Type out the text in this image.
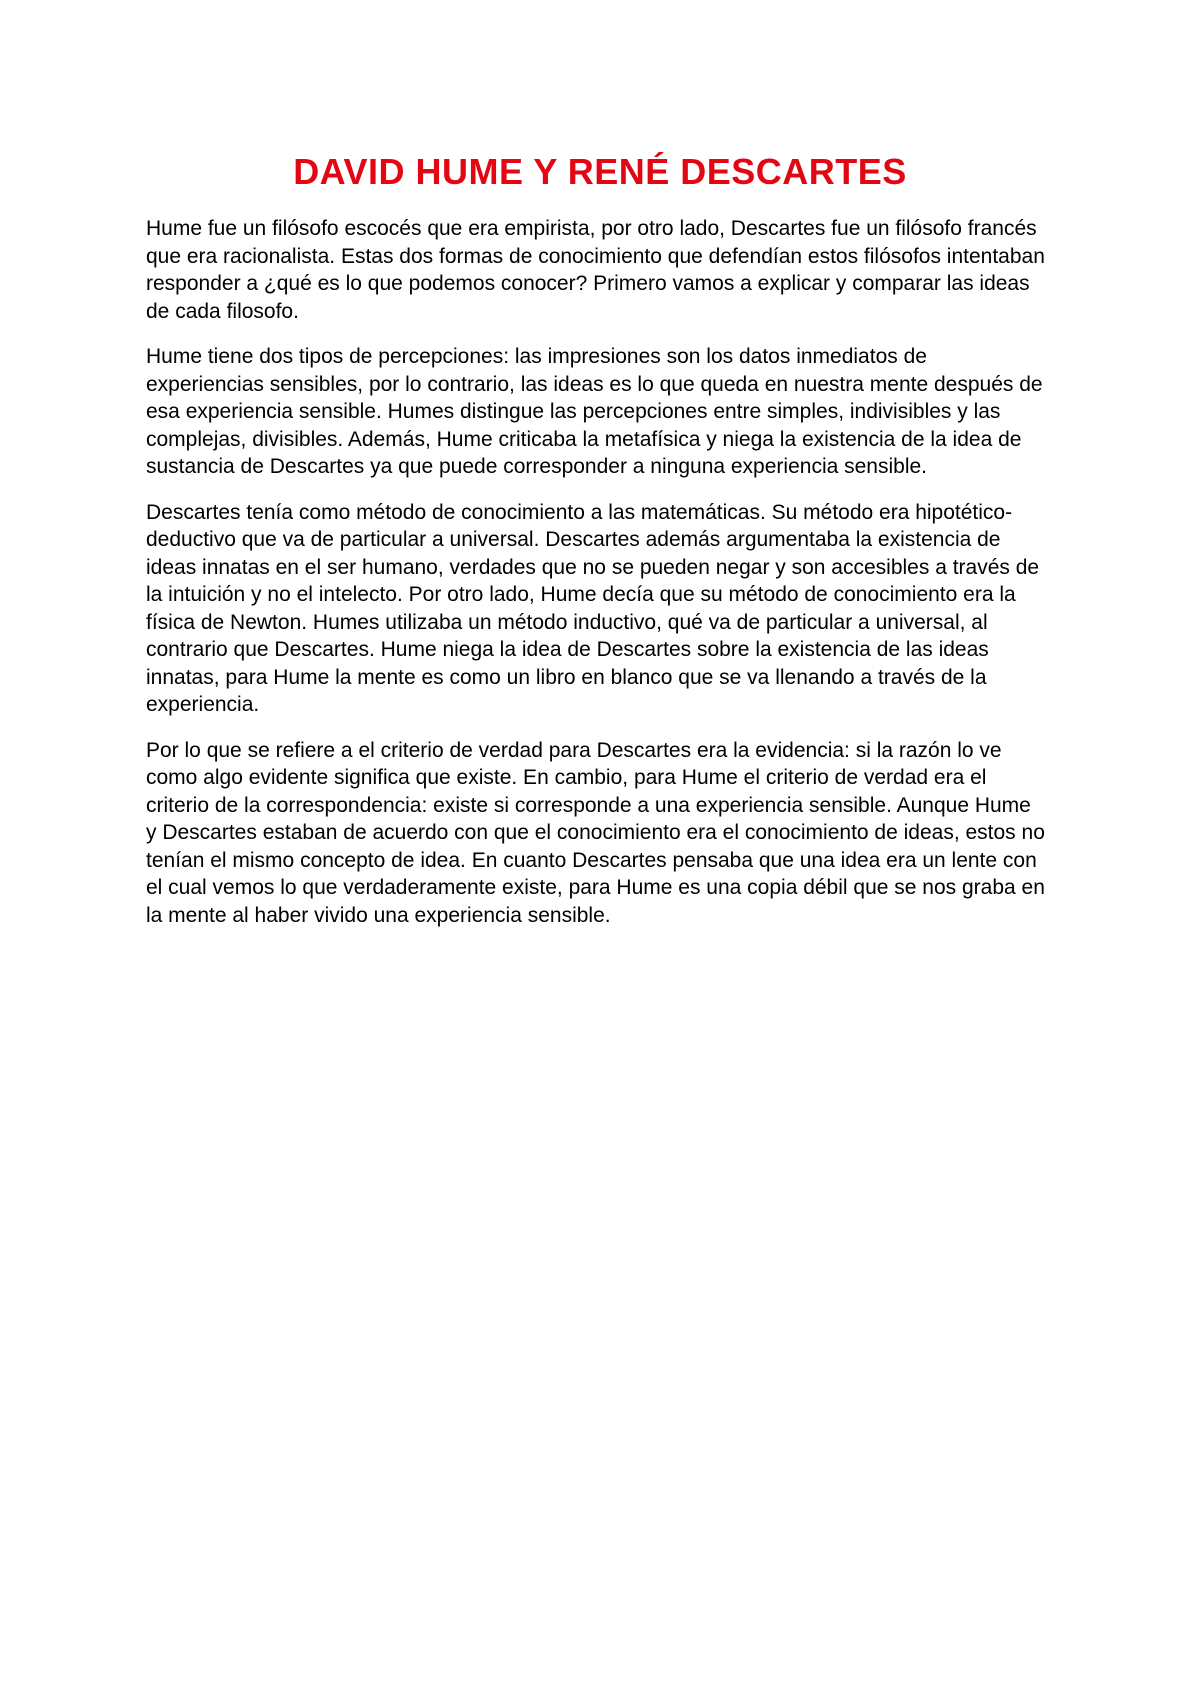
DAVID HUME Y RENÉ DESCARTES

Hume fue un filósofo escocés que era empirista, por otro lado, Descartes fue un filósofo francés que era racionalista. Estas dos formas de conocimiento que defendían estos filósofos intentaban responder a ¿qué es lo que podemos conocer? Primero vamos a explicar y comparar las ideas de cada filosofo.

Hume tiene dos tipos de percepciones: las impresiones son los datos inmediatos de experiencias sensibles, por lo contrario, las ideas es lo que queda en nuestra mente después de esa experiencia sensible. Humes distingue las percepciones entre simples, indivisibles y las complejas, divisibles. Además, Hume criticaba la metafísica y niega la existencia de la idea de sustancia de Descartes ya que puede corresponder a ninguna experiencia sensible.

Descartes tenía como método de conocimiento a las matemáticas. Su método era hipotético-deductivo que va de particular a universal. Descartes además argumentaba la existencia de ideas innatas en el ser humano, verdades que no se pueden negar y son accesibles a través de la intuición y no el intelecto. Por otro lado, Hume decía que su método de conocimiento era la física de Newton. Humes utilizaba un método inductivo, qué va de particular a universal, al contrario que Descartes. Hume niega la idea de Descartes sobre la existencia de las ideas innatas, para Hume la mente es como un libro en blanco que se va llenando a través de la experiencia.

Por lo que se refiere a el criterio de verdad para Descartes era la evidencia: si la razón lo ve como algo evidente significa que existe. En cambio, para Hume el criterio de verdad era el criterio de la correspondencia: existe si corresponde a una experiencia sensible. Aunque Hume y Descartes estaban de acuerdo con que el conocimiento era el conocimiento de ideas, estos no tenían el mismo concepto de idea. En cuanto Descartes pensaba que una idea era un lente con el cual vemos lo que verdaderamente existe, para Hume es una copia débil que se nos graba en la mente al haber vivido una experiencia sensible.
